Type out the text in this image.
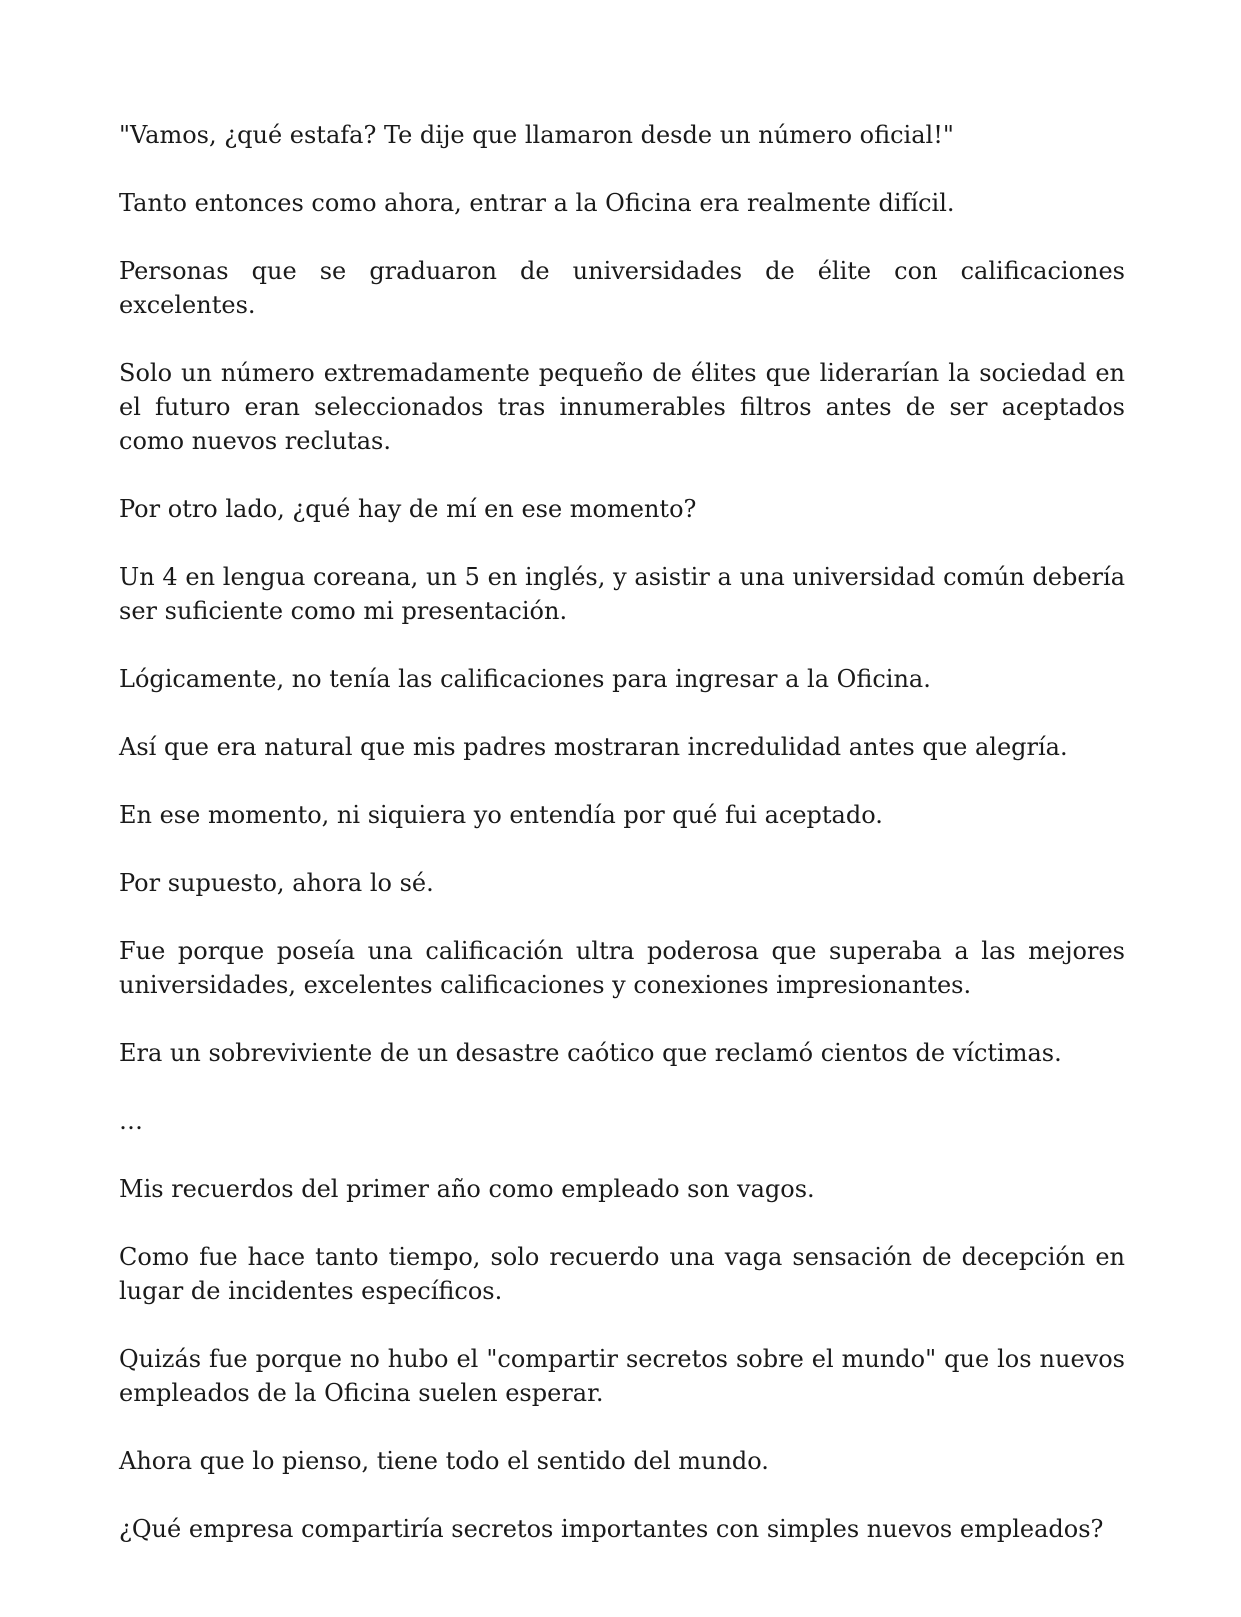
"Vamos, ¿qué estafa? Te dije que llamaron desde un número oficial!"

Tanto entonces como ahora, entrar a la Oficina era realmente difícil.

Personas que se graduaron de universidades de élite con calificaciones excelentes.

Solo un número extremadamente pequeño de élites que liderarían la sociedad en el futuro eran seleccionados tras innumerables filtros antes de ser aceptados como nuevos reclutas.

Por otro lado, ¿qué hay de mí en ese momento?

Un 4 en lengua coreana, un 5 en inglés, y asistir a una universidad común debería ser suficiente como mi presentación.

Lógicamente, no tenía las calificaciones para ingresar a la Oficina.

Así que era natural que mis padres mostraran incredulidad antes que alegría.

En ese momento, ni siquiera yo entendía por qué fui aceptado.

Por supuesto, ahora lo sé.

Fue porque poseía una calificación ultra poderosa que superaba a las mejores universidades, excelentes calificaciones y conexiones impresionantes.

Era un sobreviviente de un desastre caótico que reclamó cientos de víctimas.

…

Mis recuerdos del primer año como empleado son vagos.

Como fue hace tanto tiempo, solo recuerdo una vaga sensación de decepción en lugar de incidentes específicos.

Quizás fue porque no hubo el "compartir secretos sobre el mundo" que los nuevos empleados de la Oficina suelen esperar.

Ahora que lo pienso, tiene todo el sentido del mundo.

¿Qué empresa compartiría secretos importantes con simples nuevos empleados?
